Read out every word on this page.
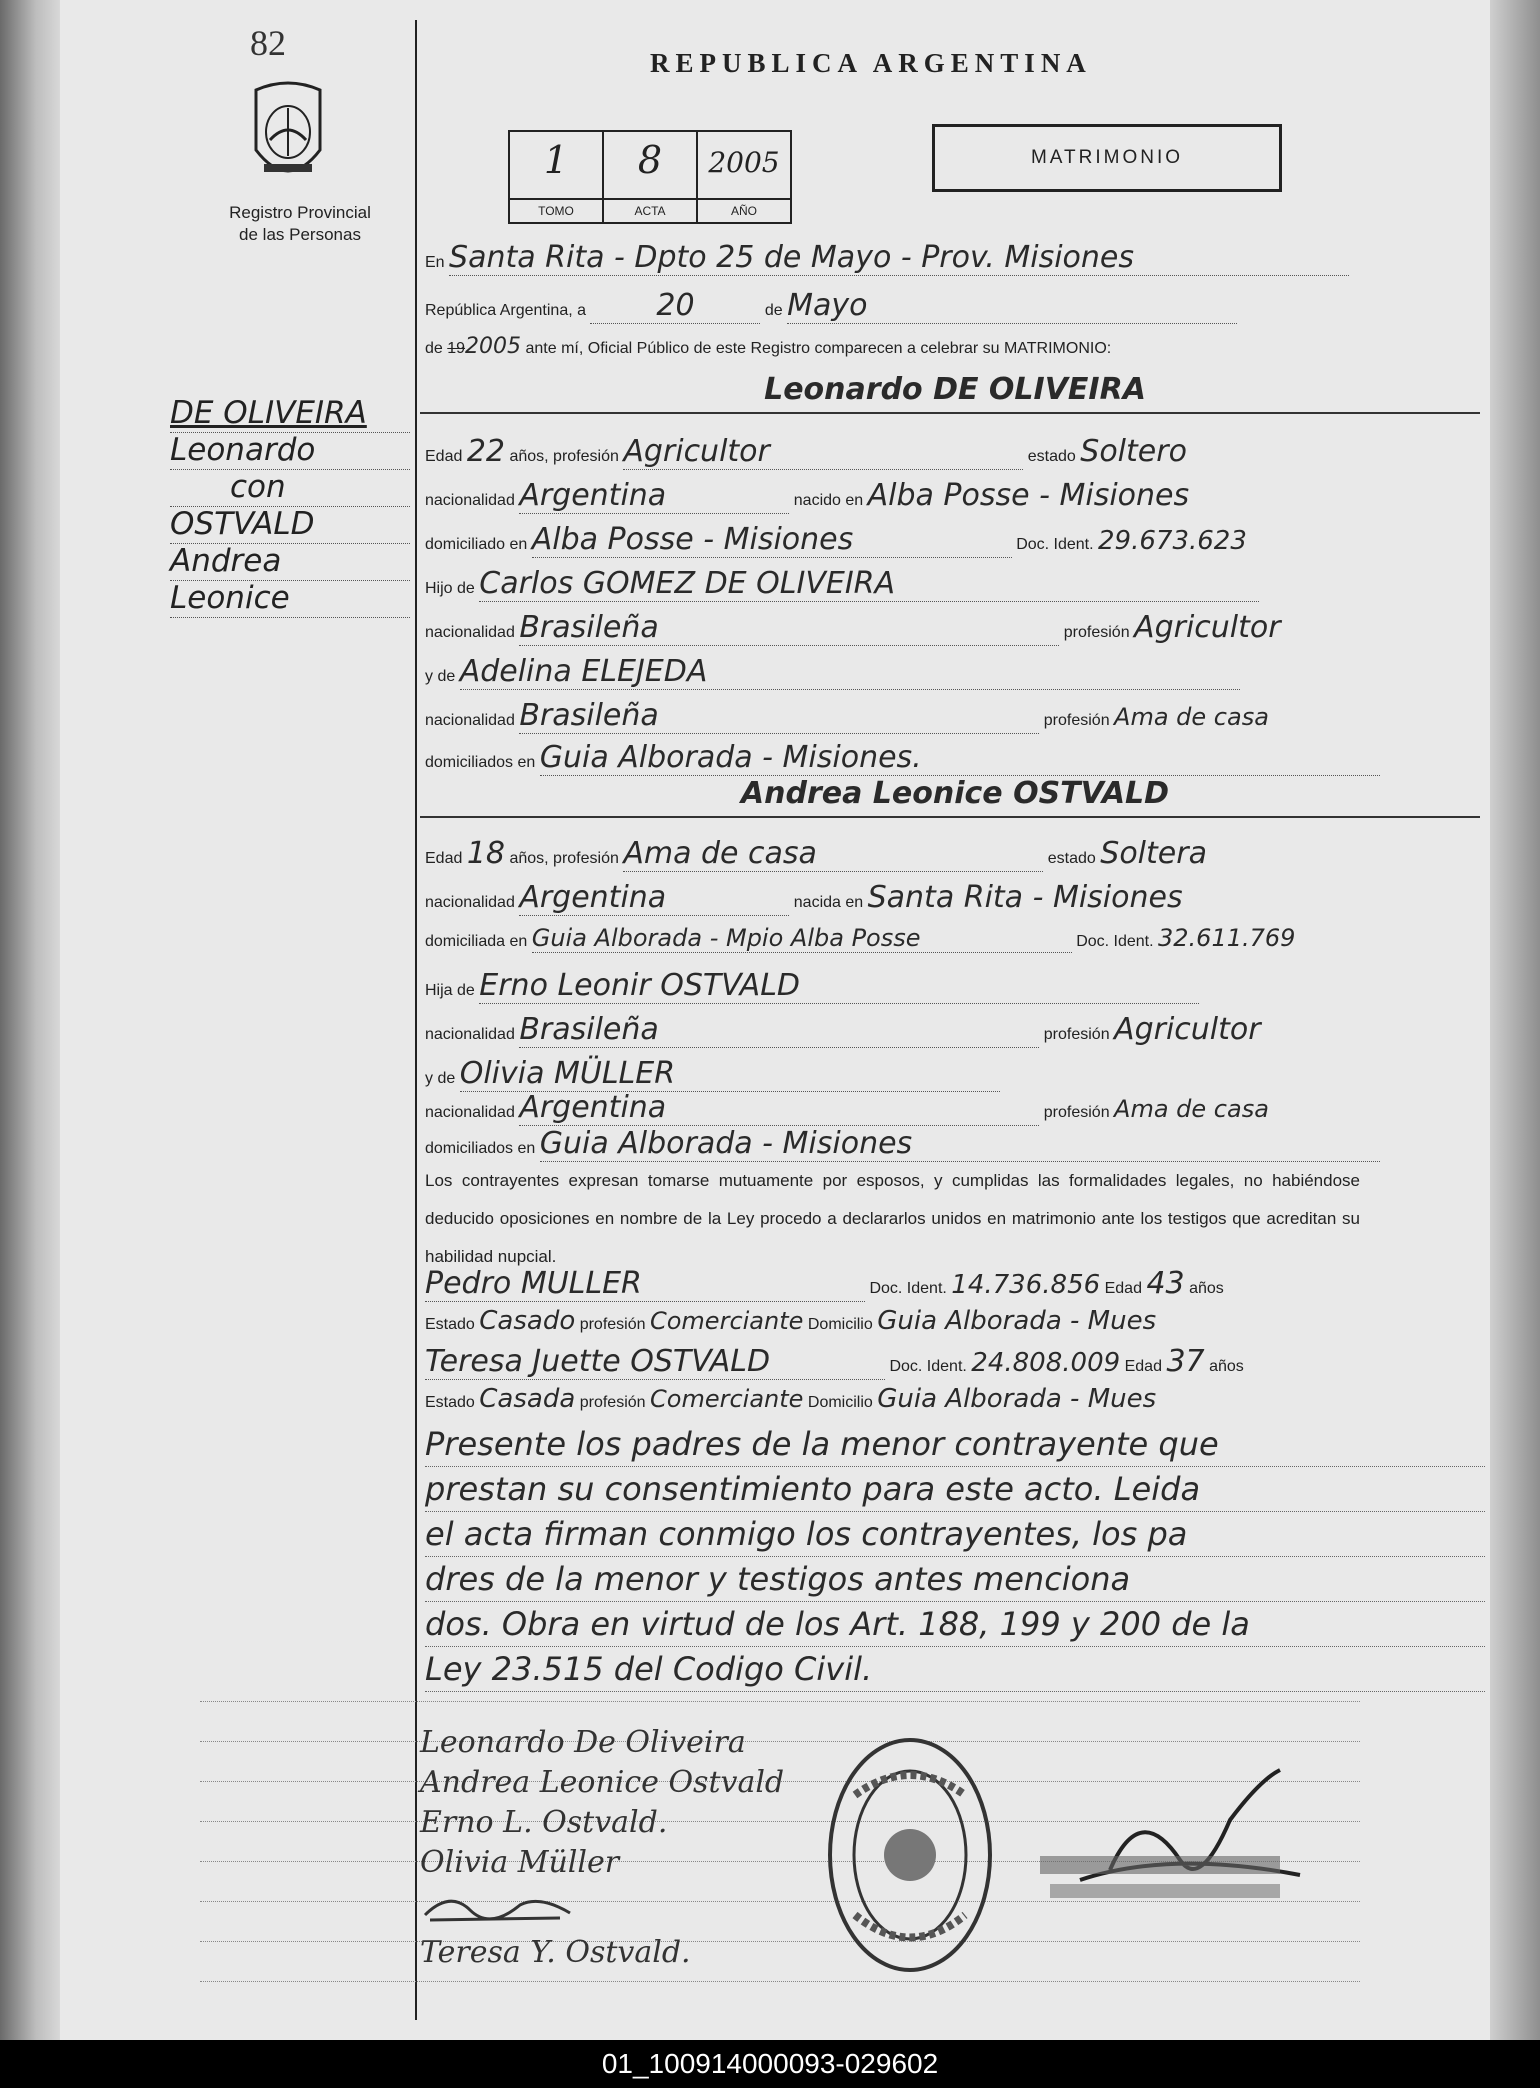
82
Registro Provincial
de las Personas
REPUBLICA ARGENTINA
1
TOMO
8
ACTA
2005
AÑO
MATRIMONIO
DE OLIVEIRA
Leonardo
con
OSTVALD
Andrea
Leonice
En Santa Rita - Dpto 25 de Mayo - Prov. Misiones
República Argentina, a 20	de Mayo
de 192005 ante mí, Oficial Público de este Registro comparecen a celebrar su MATRIMONIO:
Leonardo DE OLIVEIRA
Edad 22 años, profesión Agricultor	estado Soltero
nacionalidad Argentina	nacido en Alba Posse - Misiones
domiciliado en Alba Posse - Misiones	Doc. Ident. 29.673.623
Hijo de Carlos GOMEZ DE OLIVEIRA
nacionalidad Brasileña	profesión Agricultor
y de Adelina ELEJEDA
nacionalidad Brasileña	profesión Ama de casa
domiciliados en Guia Alborada - Misiones.
Andrea Leonice OSTVALD
Edad 18 años, profesión Ama de casa	estado Soltera
nacionalidad Argentina	nacida en Santa Rita - Misiones
domiciliada en Guia Alborada - Mpio Alba Posse	Doc. Ident. 32.611.769
Hija de Erno Leonir OSTVALD
nacionalidad Brasileña	profesión Agricultor
y de Olivia MÜLLER
nacionalidad Argentina	profesión Ama de casa
domiciliados en Guia Alborada - Misiones
Los contrayentes expresan tomarse mutuamente por esposos, y cumplidas las formalidades legales, no habiéndose deducido oposiciones en nombre de la Ley procedo a declararlos unidos en matrimonio ante los testigos que acreditan su habilidad nupcial.
Pedro MULLER	Doc. Ident. 14.736.856 Edad 43 años
Estado Casado profesión Comerciante Domicilio Guia Alborada - Mues
Teresa Juette OSTVALD	Doc. Ident. 24.808.009 Edad 37 años
Estado Casada profesión Comerciante Domicilio Guia Alborada - Mues
Presente los padres de la menor contrayente que
prestan su consentimiento para este acto. Leida
el acta firman conmigo los contrayentes, los pa
dres de la menor y testigos antes menciona
dos. Obra en virtud de los Art. 188, 199 y 200 de la
Ley 23.515 del Codigo Civil.
Leonardo De Oliveira
Andrea Leonice Ostvald
Erno L. Ostvald.
Olivia Müller
Teresa Y. Ostvald.
01_100914000093-029602
